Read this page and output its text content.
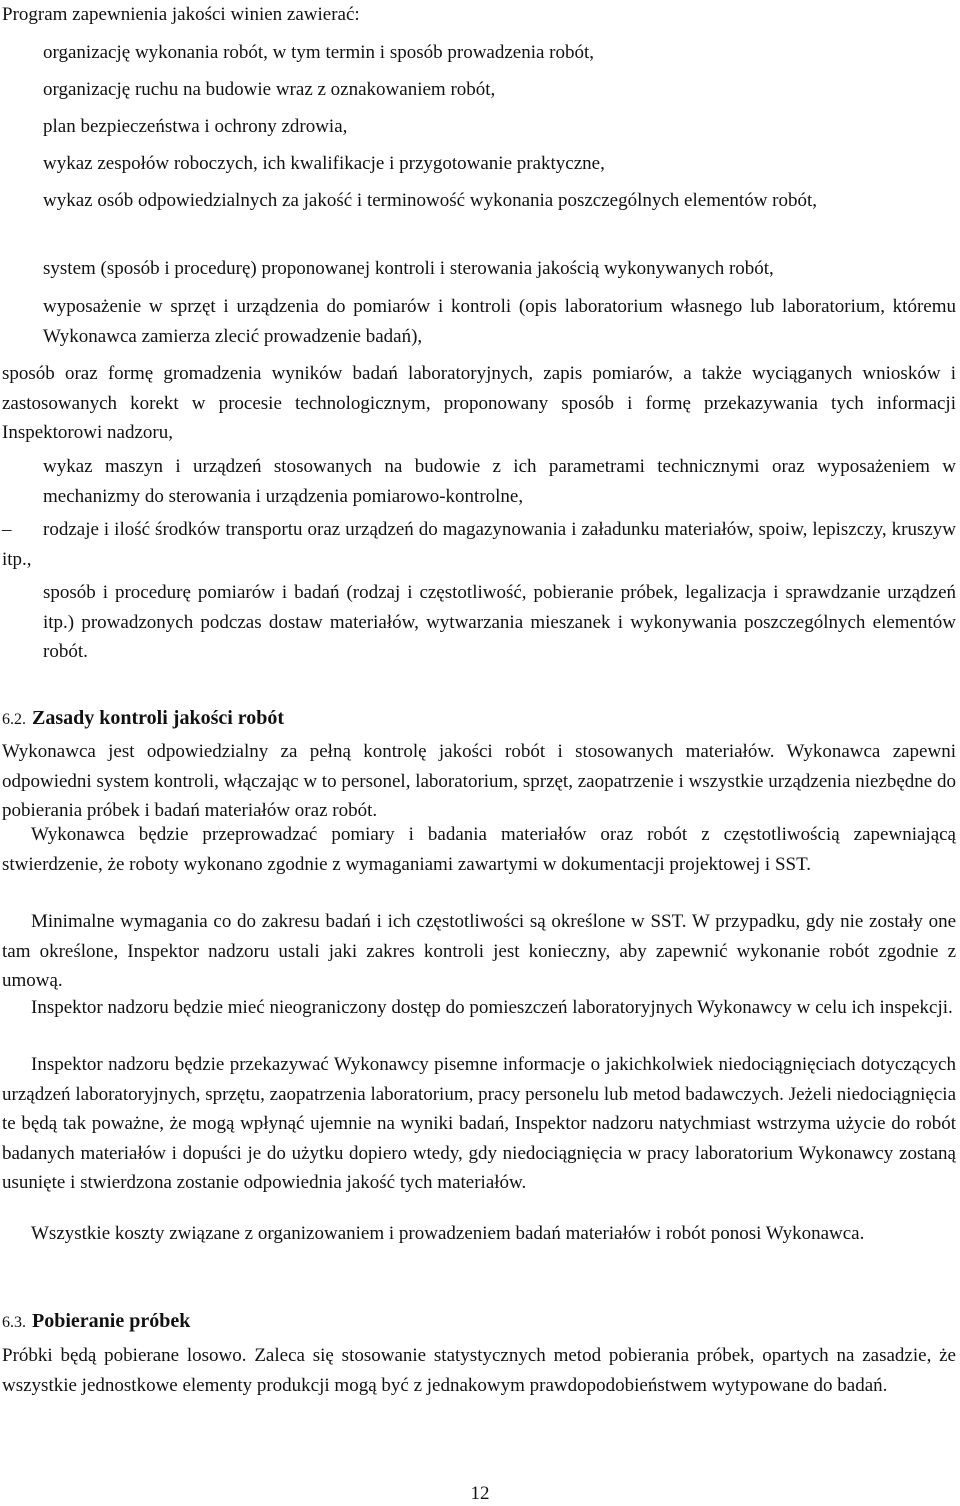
Program zapewnienia jakości winien zawierać:

organizację wykonania robót, w tym termin i sposób prowadzenia robót,

organizację ruchu na budowie wraz z oznakowaniem robót,

plan bezpieczeństwa i ochrony zdrowia,

wykaz zespołów roboczych, ich kwalifikacje i przygotowanie praktyczne,

wykaz osób odpowiedzialnych za jakość i terminowość wykonania poszczególnych elementów robót,

system (sposób i procedurę) proponowanej kontroli i sterowania jakością wykonywanych robót,

wyposażenie w sprzęt i urządzenia do pomiarów i kontroli (opis laboratorium własnego lub laboratorium, któremu Wykonawca zamierza zlecić prowadzenie badań),

sposób oraz formę gromadzenia wyników badań laboratoryjnych, zapis pomiarów, a także wyciąganych wniosków i zastosowanych korekt w procesie technologicznym, proponowany sposób i formę przekazywania tych informacji Inspektorowi nadzoru,

wykaz maszyn i urządzeń stosowanych na budowie z ich parametrami technicznymi oraz wyposażeniem w mechanizmy do sterowania i urządzenia pomiarowo-kontrolne,

–	rodzaje i ilość środków transportu oraz urządzeń do magazynowania i załadunku materiałów, spoiw, lepiszczy, kruszyw itp.,

sposób i procedurę pomiarów i badań (rodzaj i częstotliwość, pobieranie próbek, legalizacja i sprawdzanie urządzeń itp.) prowadzonych podczas dostaw materiałów, wytwarzania mieszanek i wykonywania poszczególnych elementów robót.

6.2. Zasady kontroli jakości robót

Wykonawca jest odpowiedzialny za pełną kontrolę jakości robót i stosowanych materiałów. Wykonawca zapewni odpowiedni system kontroli, włączając w to personel, laboratorium, sprzęt, zaopatrzenie i wszystkie urządzenia niezbędne do pobierania próbek i badań materiałów oraz robót.

Wykonawca będzie przeprowadzać pomiary i badania materiałów oraz robót z częstotliwością zapewniającą stwierdzenie, że roboty wykonano zgodnie z wymaganiami zawartymi w dokumentacji projektowej i SST.

Minimalne wymagania co do zakresu badań i ich częstotliwości są określone w SST. W przypadku, gdy nie zostały one tam określone, Inspektor nadzoru ustali jaki zakres kontroli jest konieczny, aby zapewnić wykonanie robót zgodnie z umową.

Inspektor nadzoru będzie mieć nieograniczony dostęp do pomieszczeń laboratoryjnych Wykonawcy w celu ich inspekcji.

Inspektor nadzoru będzie przekazywać Wykonawcy pisemne informacje o jakichkolwiek niedociągnięciach dotyczących urządzeń laboratoryjnych, sprzętu, zaopatrzenia laboratorium, pracy personelu lub metod badawczych. Jeżeli niedociągnięcia te będą tak poważne, że mogą wpłynąć ujemnie na wyniki badań, Inspektor nadzoru natychmiast wstrzyma użycie do robót badanych materiałów i dopuści je do użytku dopiero wtedy, gdy niedociągnięcia w pracy laboratorium Wykonawcy zostaną usunięte i stwierdzona zostanie odpowiednia jakość tych materiałów.

Wszystkie koszty związane z organizowaniem i prowadzeniem badań materiałów i robót ponosi Wykonawca.

6.3. Pobieranie próbek

Próbki będą pobierane losowo. Zaleca się stosowanie statystycznych metod pobierania próbek, opartych na zasadzie, że wszystkie jednostkowe elementy produkcji mogą być z jednakowym prawdopodobieństwem wytypowane do badań.

12
